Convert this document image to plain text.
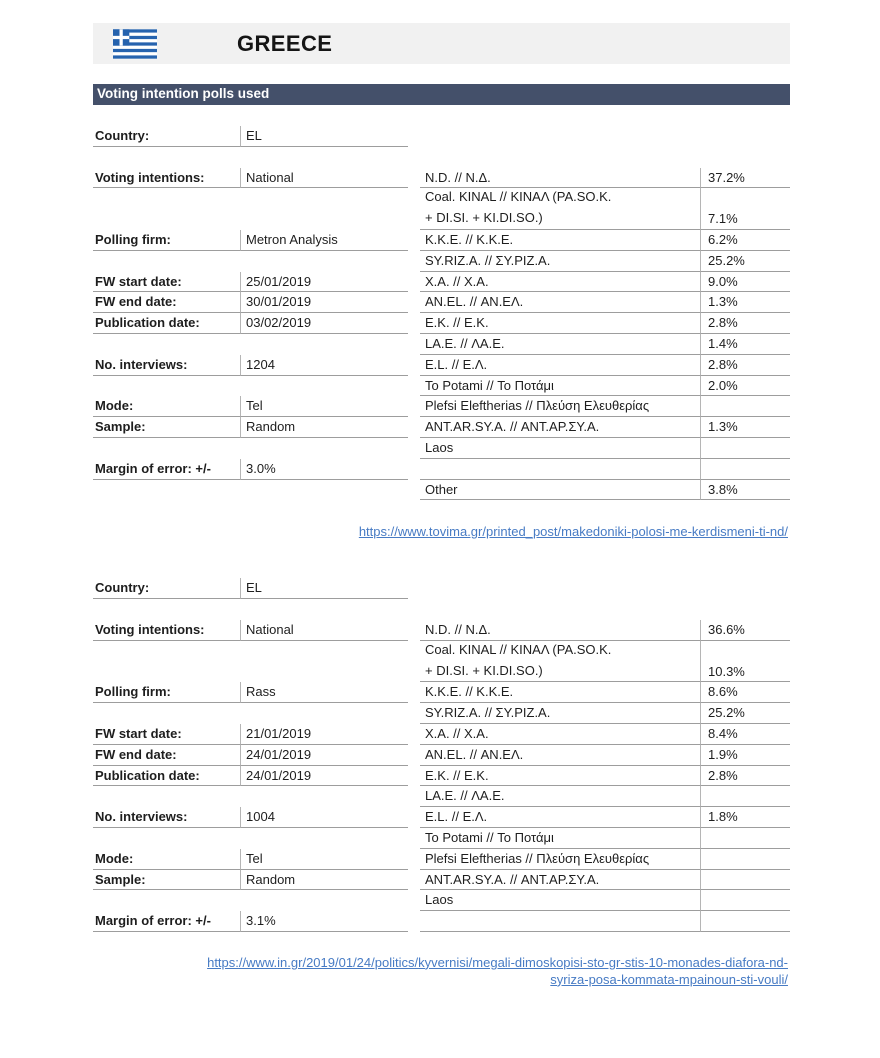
GREECE
Voting intention polls used
Country:	EL
Voting intentions:	National
Polling firm:	Metron Analysis
FW start date:	25/01/2019
FW end date:	30/01/2019
Publication date:	03/02/2019
No. interviews:	1204
Mode:	Tel
Sample:	Random
Margin of error: +/-	3.0%
N.D. // Ν.Δ.	37.2%
Coal. KINAL // ΚΙΝΑΛ (PA.SO.K.
+ DI.SI. + KI.DI.SO.)	7.1%
K.K.E. // Κ.Κ.Ε.	6.2%
SY.RIZ.A. // ΣΥ.ΡΙΖ.Α.	25.2%
X.A. // Χ.Α.	9.0%
AN.EL. // ΑΝ.ΕΛ.	1.3%
E.K. // Ε.Κ.	2.8%
LA.E. // ΛΑ.Ε.	1.4%
E.L. // Ε.Λ.	2.8%
To Potami // Το Ποτάμι	2.0%
Plefsi Eleftherias // Πλεύση Ελευθερίας
ANT.AR.SY.A. // ΑΝΤ.ΑΡ.ΣΥ.Α.	1.3%
Laos
Other	3.8%
https://www.tovima.gr/printed_post/makedoniki-polosi-me-kerdismeni-ti-nd/
Country:	EL
Voting intentions:	National
Polling firm:	Rass
FW start date:	21/01/2019
FW end date:	24/01/2019
Publication date:	24/01/2019
No. interviews:	1004
Mode:	Tel
Sample:	Random
Margin of error: +/-	3.1%
N.D. // Ν.Δ.	36.6%
Coal. KINAL // ΚΙΝΑΛ (PA.SO.K.
+ DI.SI. + KI.DI.SO.)	10.3%
K.K.E. // Κ.Κ.Ε.	8.6%
SY.RIZ.A. // ΣΥ.ΡΙΖ.Α.	25.2%
X.A. // Χ.Α.	8.4%
AN.EL. // ΑΝ.ΕΛ.	1.9%
E.K. // Ε.Κ.	2.8%
LA.E. // ΛΑ.Ε.
E.L. // Ε.Λ.	1.8%
To Potami // Το Ποτάμι
Plefsi Eleftherias // Πλεύση Ελευθερίας
ANT.AR.SY.A. // ΑΝΤ.ΑΡ.ΣΥ.Α.
Laos
https://www.in.gr/2019/01/24/politics/kyvernisi/megali-dimoskopisi-sto-gr-stis-10-monades-diafora-nd-
syriza-posa-kommata-mpainoun-sti-vouli/
